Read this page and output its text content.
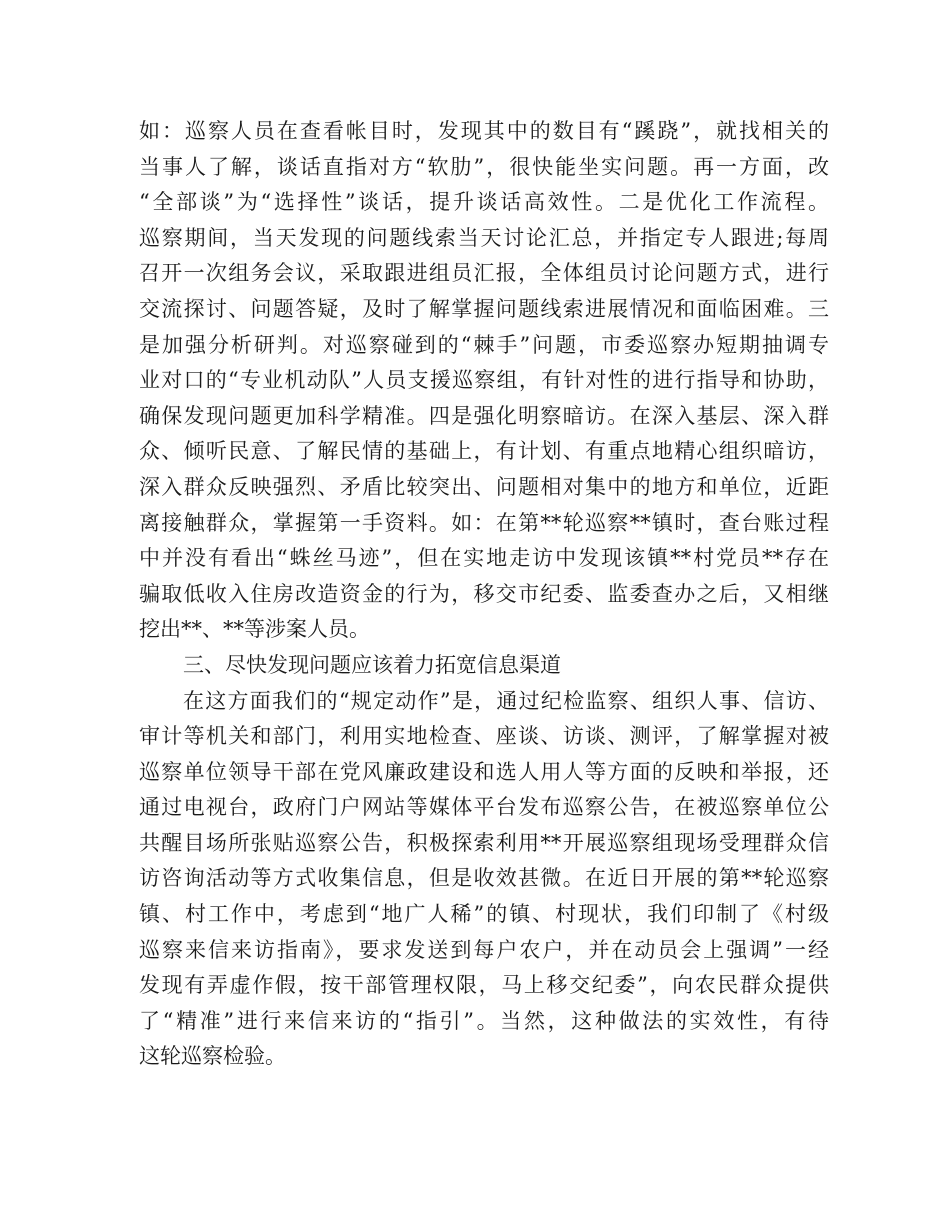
如：巡察人员在查看帐目时，发现其中的数目有“蹊跷”，就找相关的
当事人了解，谈话直指对方“软肋”，很快能坐实问题。再一方面，改
“全部谈”为“选择性”谈话，提升谈话高效性。二是优化工作流程。
巡察期间，当天发现的问题线索当天讨论汇总，并指定专人跟进;每周
召开一次组务会议，采取跟进组员汇报，全体组员讨论问题方式，进行
交流探讨、问题答疑，及时了解掌握问题线索进展情况和面临困难。三
是加强分析研判。对巡察碰到的“棘手”问题，市委巡察办短期抽调专
业对口的“专业机动队”人员支援巡察组，有针对性的进行指导和协助，
确保发现问题更加科学精准。四是强化明察暗访。在深入基层、深入群
众、倾听民意、了解民情的基础上，有计划、有重点地精心组织暗访，
深入群众反映强烈、矛盾比较突出、问题相对集中的地方和单位，近距
离接触群众，掌握第一手资料。如：在第**轮巡察**镇时，查台账过程
中并没有看出“蛛丝马迹”，但在实地走访中发现该镇**村党员**存在
骗取低收入住房改造资金的行为，移交市纪委、监委查办之后，又相继
挖出**、**等涉案人员。
三、尽快发现问题应该着力拓宽信息渠道
在这方面我们的“规定动作”是，通过纪检监察、组织人事、信访、
审计等机关和部门，利用实地检查、座谈、访谈、测评，了解掌握对被
巡察单位领导干部在党风廉政建设和选人用人等方面的反映和举报，还
通过电视台，政府门户网站等媒体平台发布巡察公告，在被巡察单位公
共醒目场所张贴巡察公告，积极探索利用**开展巡察组现场受理群众信
访咨询活动等方式收集信息，但是收效甚微。在近日开展的第**轮巡察
镇、村工作中，考虑到“地广人稀”的镇、村现状，我们印制了《村级
巡察来信来访指南》，要求发送到每户农户，并在动员会上强调”一经
发现有弄虚作假，按干部管理权限，马上移交纪委”，向农民群众提供
了“精准”进行来信来访的“指引”。当然，这种做法的实效性，有待
这轮巡察检验。
